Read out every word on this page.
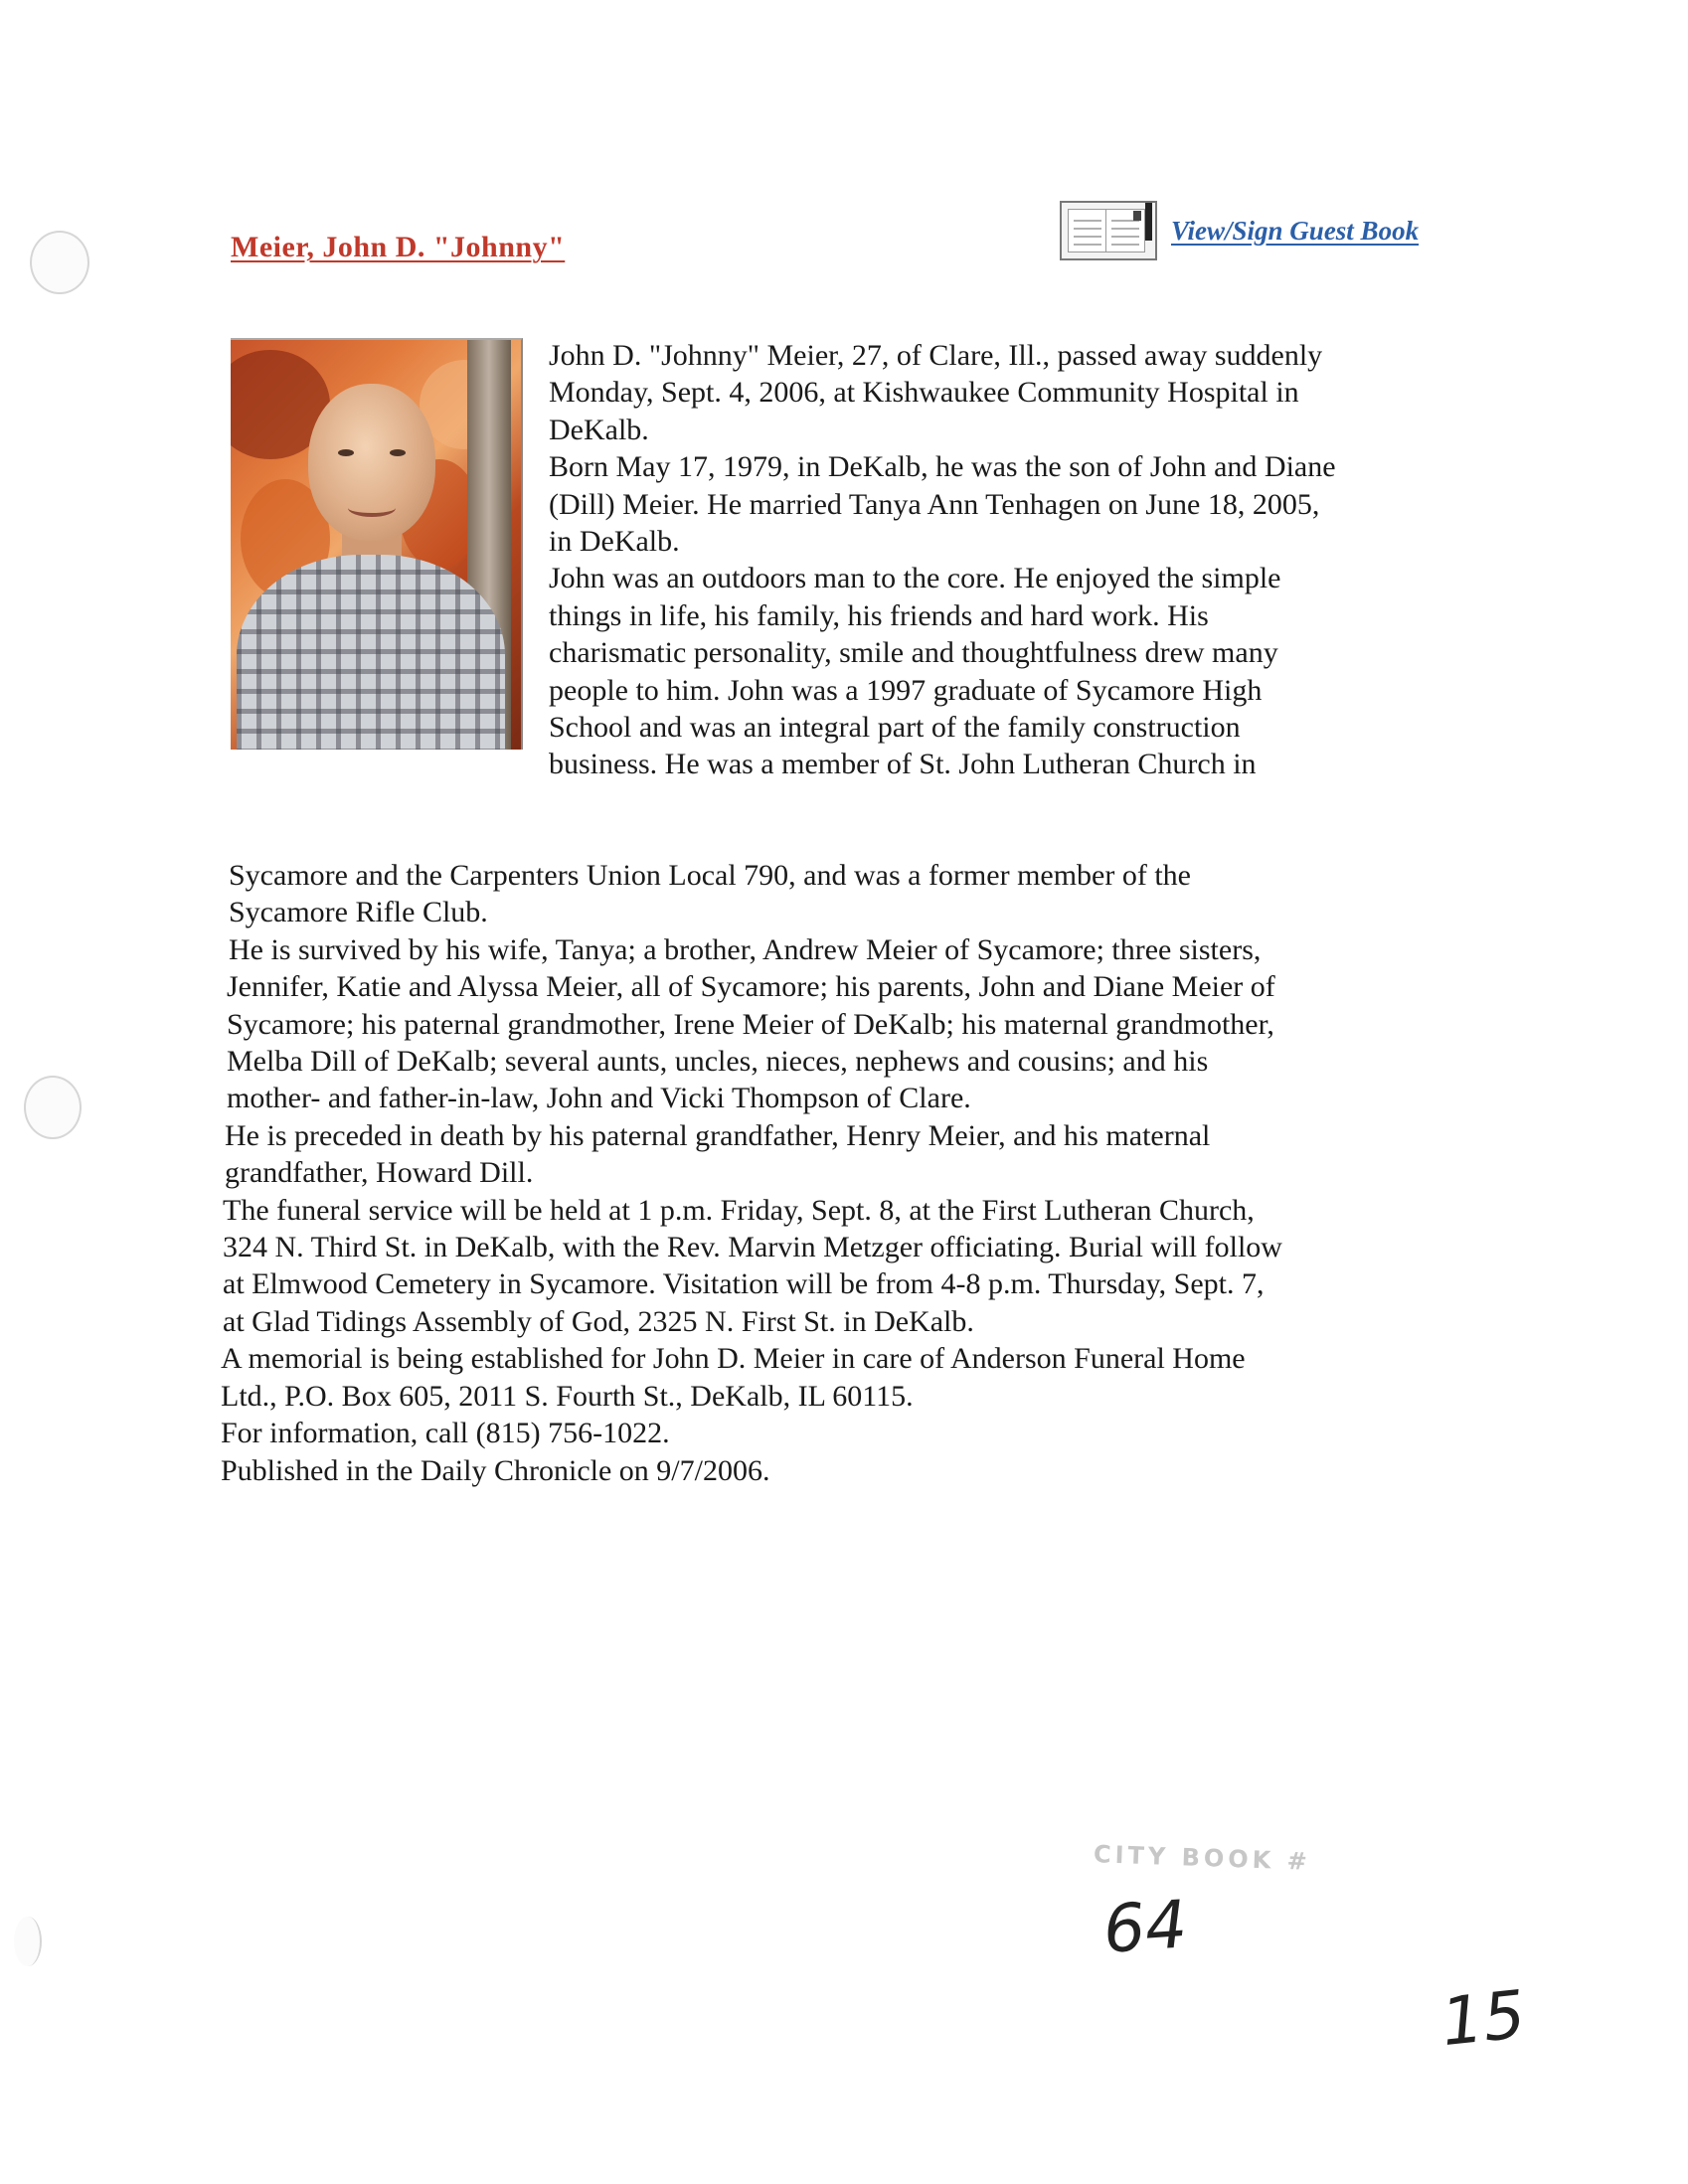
Meier, John D. "Johnny"
View/Sign Guest Book
John D. "Johnny" Meier, 27, of Clare, Ill., passed away suddenly
Monday, Sept. 4, 2006, at Kishwaukee Community Hospital in
DeKalb.
Born May 17, 1979, in DeKalb, he was the son of John and Diane
(Dill) Meier. He married Tanya Ann Tenhagen on June 18, 2005,
in DeKalb.
John was an outdoors man to the core. He enjoyed the simple
things in life, his family, his friends and hard work. His
charismatic personality, smile and thoughtfulness drew many
people to him. John was a 1997 graduate of Sycamore High
School and was an integral part of the family construction
business. He was a member of St. John Lutheran Church in
Sycamore and the Carpenters Union Local 790, and was a former member of the
Sycamore Rifle Club.
He is survived by his wife, Tanya; a brother, Andrew Meier of Sycamore; three sisters,
Jennifer, Katie and Alyssa Meier, all of Sycamore; his parents, John and Diane Meier of
Sycamore; his paternal grandmother, Irene Meier of DeKalb; his maternal grandmother,
Melba Dill of DeKalb; several aunts, uncles, nieces, nephews and cousins; and his
mother- and father-in-law, John and Vicki Thompson of Clare.
He is preceded in death by his paternal grandfather, Henry Meier, and his maternal
grandfather, Howard Dill.
The funeral service will be held at 1 p.m. Friday, Sept. 8, at the First Lutheran Church,
324 N. Third St. in DeKalb, with the Rev. Marvin Metzger officiating. Burial will follow
at Elmwood Cemetery in Sycamore. Visitation will be from 4-8 p.m. Thursday, Sept. 7,
at Glad Tidings Assembly of God, 2325 N. First St. in DeKalb.
A memorial is being established for John D. Meier in care of Anderson Funeral Home
Ltd., P.O. Box 605, 2011 S. Fourth St., DeKalb, IL 60115.
For information, call (815) 756-1022.
Published in the Daily Chronicle on 9/7/2006.
CITY BOOK #
64
15
